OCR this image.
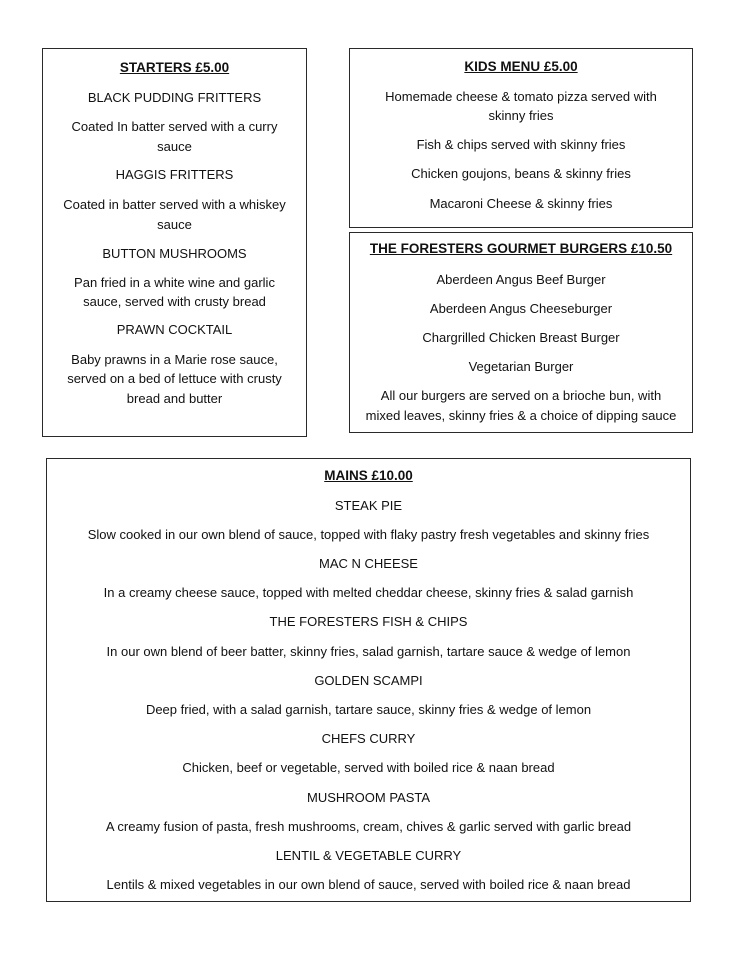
STARTERS £5.00
BLACK PUDDING FRITTERS
Coated In batter served with a curry
sauce
HAGGIS FRITTERS
Coated in batter served with a whiskey
sauce
BUTTON MUSHROOMS
Pan fried in a white wine and garlic
sauce, served with crusty bread
PRAWN COCKTAIL
Baby prawns in a Marie rose sauce,
served on a bed of lettuce with crusty
bread and butter
KIDS MENU £5.00
Homemade cheese & tomato pizza served with
skinny fries
Fish & chips served with skinny fries
Chicken goujons, beans & skinny fries
Macaroni Cheese & skinny fries
THE FORESTERS GOURMET BURGERS £10.50
Aberdeen Angus Beef Burger
Aberdeen Angus Cheeseburger
Chargrilled Chicken Breast Burger
Vegetarian Burger
All our burgers are served on a brioche bun, with
mixed leaves, skinny fries & a choice of dipping sauce
MAINS £10.00
STEAK PIE
Slow cooked in our own blend of sauce, topped with flaky pastry fresh vegetables and skinny fries
MAC N CHEESE
In a creamy cheese sauce, topped with melted cheddar cheese, skinny fries & salad garnish
THE FORESTERS FISH & CHIPS
In our own blend of beer batter, skinny fries, salad garnish, tartare sauce & wedge of lemon
GOLDEN SCAMPI
Deep fried, with a salad garnish, tartare sauce, skinny fries & wedge of lemon
CHEFS CURRY
Chicken, beef or vegetable, served with boiled rice & naan bread
MUSHROOM PASTA
A creamy fusion of pasta, fresh mushrooms, cream, chives & garlic served with garlic bread
LENTIL & VEGETABLE CURRY
Lentils & mixed vegetables in our own blend of sauce, served with boiled rice & naan bread
